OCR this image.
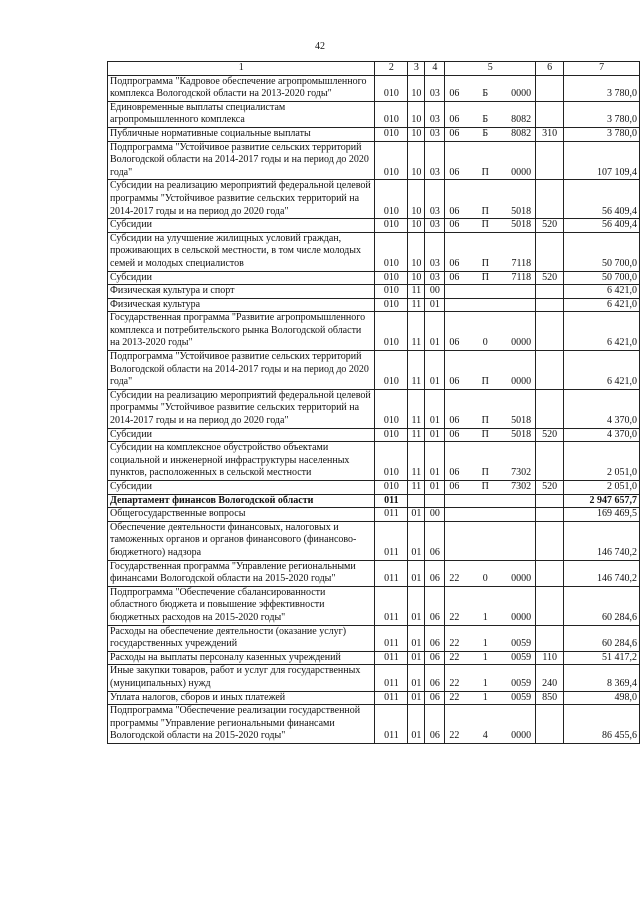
42
1	2	3	4	5	6	7
Подпрограмма "Кадровое обеспечение агропромышленного комплекса Вологодской области на 2013-2020 годы"	010	10	03	06 Б 0000		3 780,0
Единовременные выплаты специалистам агропромышленного комплекса	010	10	03	06 Б 8082		3 780,0
Публичные нормативные социальные выплаты	010	10	03	06 Б 8082	310	3 780,0
Подпрограмма "Устойчивое развитие сельских территорий Вологодской области на 2014-2017 годы и на период до 2020 года"	010	10	03	06 П 0000		107 109,4
Субсидии на реализацию мероприятий федеральной целевой программы "Устойчивое развитие сельских территорий на 2014-2017 годы и на период до 2020 года"	010	10	03	06 П 5018		56 409,4
Субсидии	010	10	03	06 П 5018	520	56 409,4
Субсидии на улучшение жилищных условий граждан, проживающих в сельской местности, в том числе молодых семей и молодых специалистов	010	10	03	06 П 7118		50 700,0
Субсидии	010	10	03	06 П 7118	520	50 700,0
Физическая культура и спорт	010	11	00			6 421,0
Физическая культура	010	11	01			6 421,0
Государственная программа "Развитие агропромышленного комплекса и потребительского рынка Вологодской области на 2013-2020 годы"	010	11	01	06 0 0000		6 421,0
Подпрограмма "Устойчивое развитие сельских территорий Вологодской области на 2014-2017 годы и на период до 2020 года"	010	11	01	06 П 0000		6 421,0
Субсидии на реализацию мероприятий федеральной целевой программы "Устойчивое развитие сельских территорий на 2014-2017 годы и на период до 2020 года"	010	11	01	06 П 5018		4 370,0
Субсидии	010	11	01	06 П 5018	520	4 370,0
Субсидии на комплексное обустройство объектами социальной и инженерной инфраструктуры населенных пунктов, расположенных в сельской местности	010	11	01	06 П 7302		2 051,0
Субсидии	010	11	01	06 П 7302	520	2 051,0
Департамент финансов Вологодской области	011					2 947 657,7
Общегосударственные вопросы	011	01	00			169 469,5
Обеспечение деятельности финансовых, налоговых и таможенных органов и органов финансового (финансово-бюджетного) надзора	011	01	06			146 740,2
Государственная программа "Управление региональными финансами Вологодской области на 2015-2020 годы"	011	01	06	22 0 0000		146 740,2
Подпрограмма "Обеспечение сбалансированности областного бюджета и повышение эффективности бюджетных расходов на 2015-2020 годы"	011	01	06	22 1 0000		60 284,6
Расходы на обеспечение деятельности (оказание услуг) государственных учреждений	011	01	06	22 1 0059		60 284,6
Расходы на выплаты персоналу казенных учреждений	011	01	06	22 1 0059	110	51 417,2
Иные закупки товаров, работ и услуг для государственных (муниципальных) нужд	011	01	06	22 1 0059	240	8 369,4
Уплата налогов, сборов и иных платежей	011	01	06	22 1 0059	850	498,0
Подпрограмма "Обеспечение реализации государственной программы "Управление региональными финансами Вологодской области на 2015-2020 годы"	011	01	06	22 4 0000		86 455,6
